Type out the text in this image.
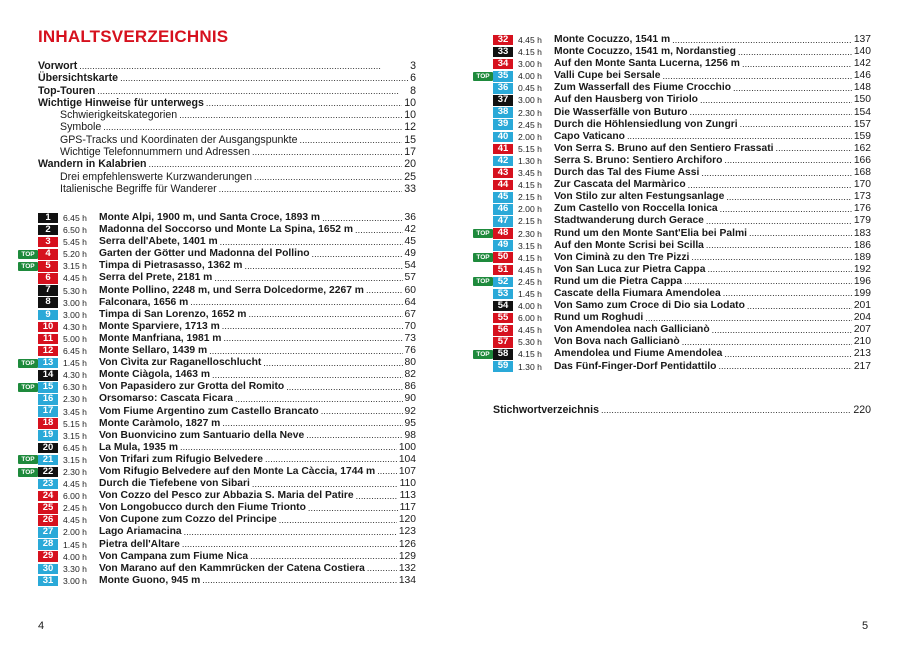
INHALTSVERZEICHNIS
Vorwort . . .	3
Übersichtskarte . . .	6
Top-Touren . . .	8
Wichtige Hinweise für unterwegs . . .	10
Schwierigkeitskategorien . . .	10
Symbole . . .	12
GPS-Tracks und Koordinaten der Ausgangspunkte . . .	15
Wichtige Telefonnummern und Adressen . . .	17
Wandern in Kalabrien . . .	20
Drei empfehlenswerte Kurzwanderungen . . .	25
Italienische Begriffe für Wanderer . . .	33
1	6.45 h	Monte Alpi, 1900 m, und Santa Croce, 1893 m . . .	36
2	6.50 h	Madonna del Soccorso und Monte La Spina, 1652 m . . .	42
3	5.45 h	Serra dell'Abete, 1401 m . . .	45
TOP	4	5.20 h	Garten der Götter und Madonna del Pollino . . .	49
TOP	5	3.15 h	Timpa di Pietrasasso, 1362 m . . .	54
6	4.45 h	Serra del Prete, 2181 m . . .	57
7	5.30 h	Monte Pollino, 2248 m, und Serra Dolcedorme, 2267 m . . .	60
8	3.00 h	Falconara, 1656 m . . .	64
9	3.00 h	Timpa di San Lorenzo, 1652 m . . .	67
10	4.30 h	Monte Sparviere, 1713 m . . .	70
11	5.00 h	Monte Manfriana, 1981 m . . .	73
12	6.45 h	Monte Sellaro, 1439 m . . .	76
TOP 13	1.45 h	Von Cìvita zur Raganelloschlucht . . .	80
14	4.30 h	Monte Ciàgola, 1463 m . . .	82
TOP 15	6.30 h	Von Papasidero zur Grotta del Romito . . .	86
16	2.30 h	Orsomarso: Cascata Ficara . . .	90
17	3.45 h	Vom Fiume Argentino zum Castello Brancato . . .	92
18	5.15 h	Monte Caràmolo, 1827 m . . .	95
19	3.15 h	Von Buonvicino zum Santuario della Neve . . .	98
20	6.45 h	La Mula, 1935 m . . .	100
TOP 21	3.15 h	Von Trifari zum Rifugio Belvedere . . .	104
TOP 22	2.30 h	Vom Rifugio Belvedere auf den Monte La Càccia, 1744 m . . . 107
23	4.45 h	Durch die Tiefebene von Sibari . . .	110
24	6.00 h	Von Cozzo del Pesco zur Abbazia S. Maria del Patire . . .	113
25	2.45 h	Von Longobucco durch den Fiume Trionto . . .	117
26	4.45 h	Von Cupone zum Cozzo del Principe . . .	120
27	2.00 h	Lago Ariamacina . . .	123
28	1.45 h	Pietra dell'Altare . . .	126
29	4.00 h	Von Campana zum Fiume Nica . . .	129
30	3.30 h	Von Marano auf den Kammrücken der Catena Costiera . . .	132
31	3.00 h	Monte Guono, 945 m . . .	134
32	4.45 h	Monte Cocuzzo, 1541 m . . .	137
33	4.15 h	Monte Cocuzzo, 1541 m, Nordanstieg . . .	140
34	3.00 h	Auf den Monte Santa Lucerna, 1256 m . . .	142
TOP 35	4.00 h	Valli Cupe bei Sersale . . .	146
36	0.45 h	Zum Wasserfall des Fiume Crocchio . . .	148
37	3.00 h	Auf den Hausberg von Tiriolo . . .	150
38	2.30 h	Die Wasserfälle von Buturo . . .	154
39	2.45 h	Durch die Höhlensiedlung von Zungri . . .	157
40	2.00 h	Capo Vaticano . . .	159
41	5.15 h	Von Serra S. Bruno auf den Sentiero Frassati . . .	162
42	1.30 h	Serra S. Bruno: Sentiero Archiforo . . .	166
43	3.45 h	Durch das Tal des Fiume Assi . . .	168
44	4.15 h	Zur Cascata del Marmàrico . . .	170
45	2.15 h	Von Stilo zur alten Festungsanlage . . .	173
46	2.00 h	Zum Castello von Roccella Ionica . . .	176
47	2.15 h	Stadtwanderung durch Gerace . . .	179
TOP 48	2.30 h	Rund um den Monte Sant'Elia bei Palmi . . .	183
49	3.15 h	Auf den Monte Scrisi bei Scilla . . .	186
TOP 50	4.15 h	Von Ciminà zu den Tre Pizzi . . .	189
51	4.45 h	Von San Luca zur Pietra Cappa . . .	192
TOP 52	2.45 h	Rund um die Pietra Cappa . . .	196
53	1.45 h	Cascate della Fiumara Amendolea . . .	199
54	4.00 h	Von Samo zum Croce di Dio sia Lodato . . .	201
55	6.00 h	Rund um Roghudi . . .	204
56	4.45 h	Von Amendolea nach Gallicianò . . .	207
57	5.30 h	Von Bova nach Gallicianò . . .	210
TOP 58	4.15 h	Amendolea und Fiume Amendolea . . .	213
59	1.30 h	Das Fünf-Finger-Dorf Pentidattilo . . .	217
Stichwortverzeichnis . . .	220
4	5
